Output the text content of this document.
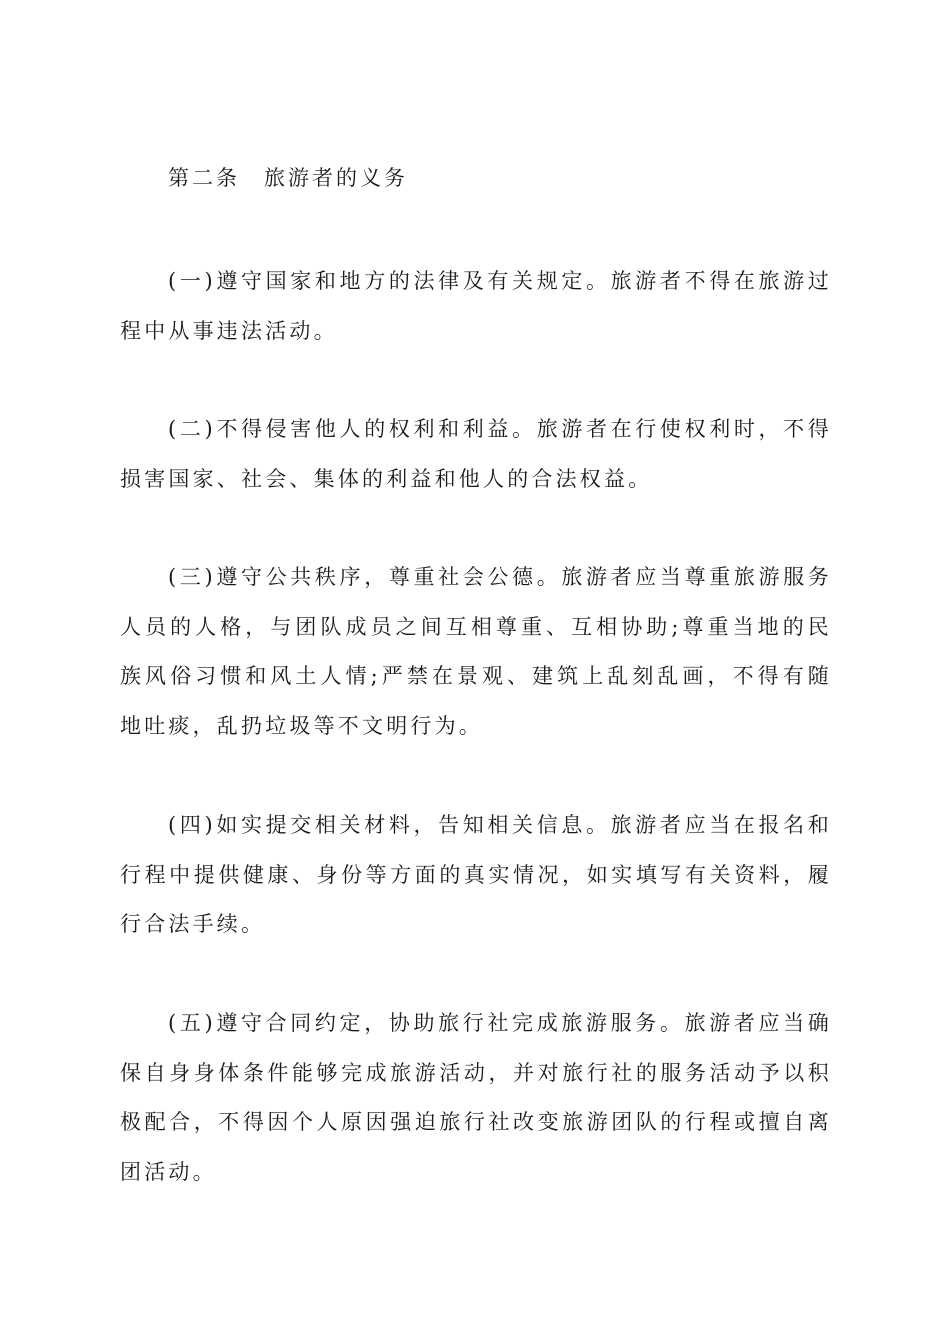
第二条　旅游者的义务

(一)遵守国家和地方的法律及有关规定。旅游者不得在旅游过程中从事违法活动。

(二)不得侵害他人的权利和利益。旅游者在行使权利时，不得损害国家、社会、集体的利益和他人的合法权益。

(三)遵守公共秩序，尊重社会公德。旅游者应当尊重旅游服务人员的人格，与团队成员之间互相尊重、互相协助;尊重当地的民族风俗习惯和风土人情;严禁在景观、建筑上乱刻乱画，不得有随地吐痰，乱扔垃圾等不文明行为。

(四)如实提交相关材料，告知相关信息。旅游者应当在报名和行程中提供健康、身份等方面的真实情况，如实填写有关资料，履行合法手续。

(五)遵守合同约定，协助旅行社完成旅游服务。旅游者应当确保自身身体条件能够完成旅游活动，并对旅行社的服务活动予以积极配合，不得因个人原因强迫旅行社改变旅游团队的行程或擅自离团活动。
